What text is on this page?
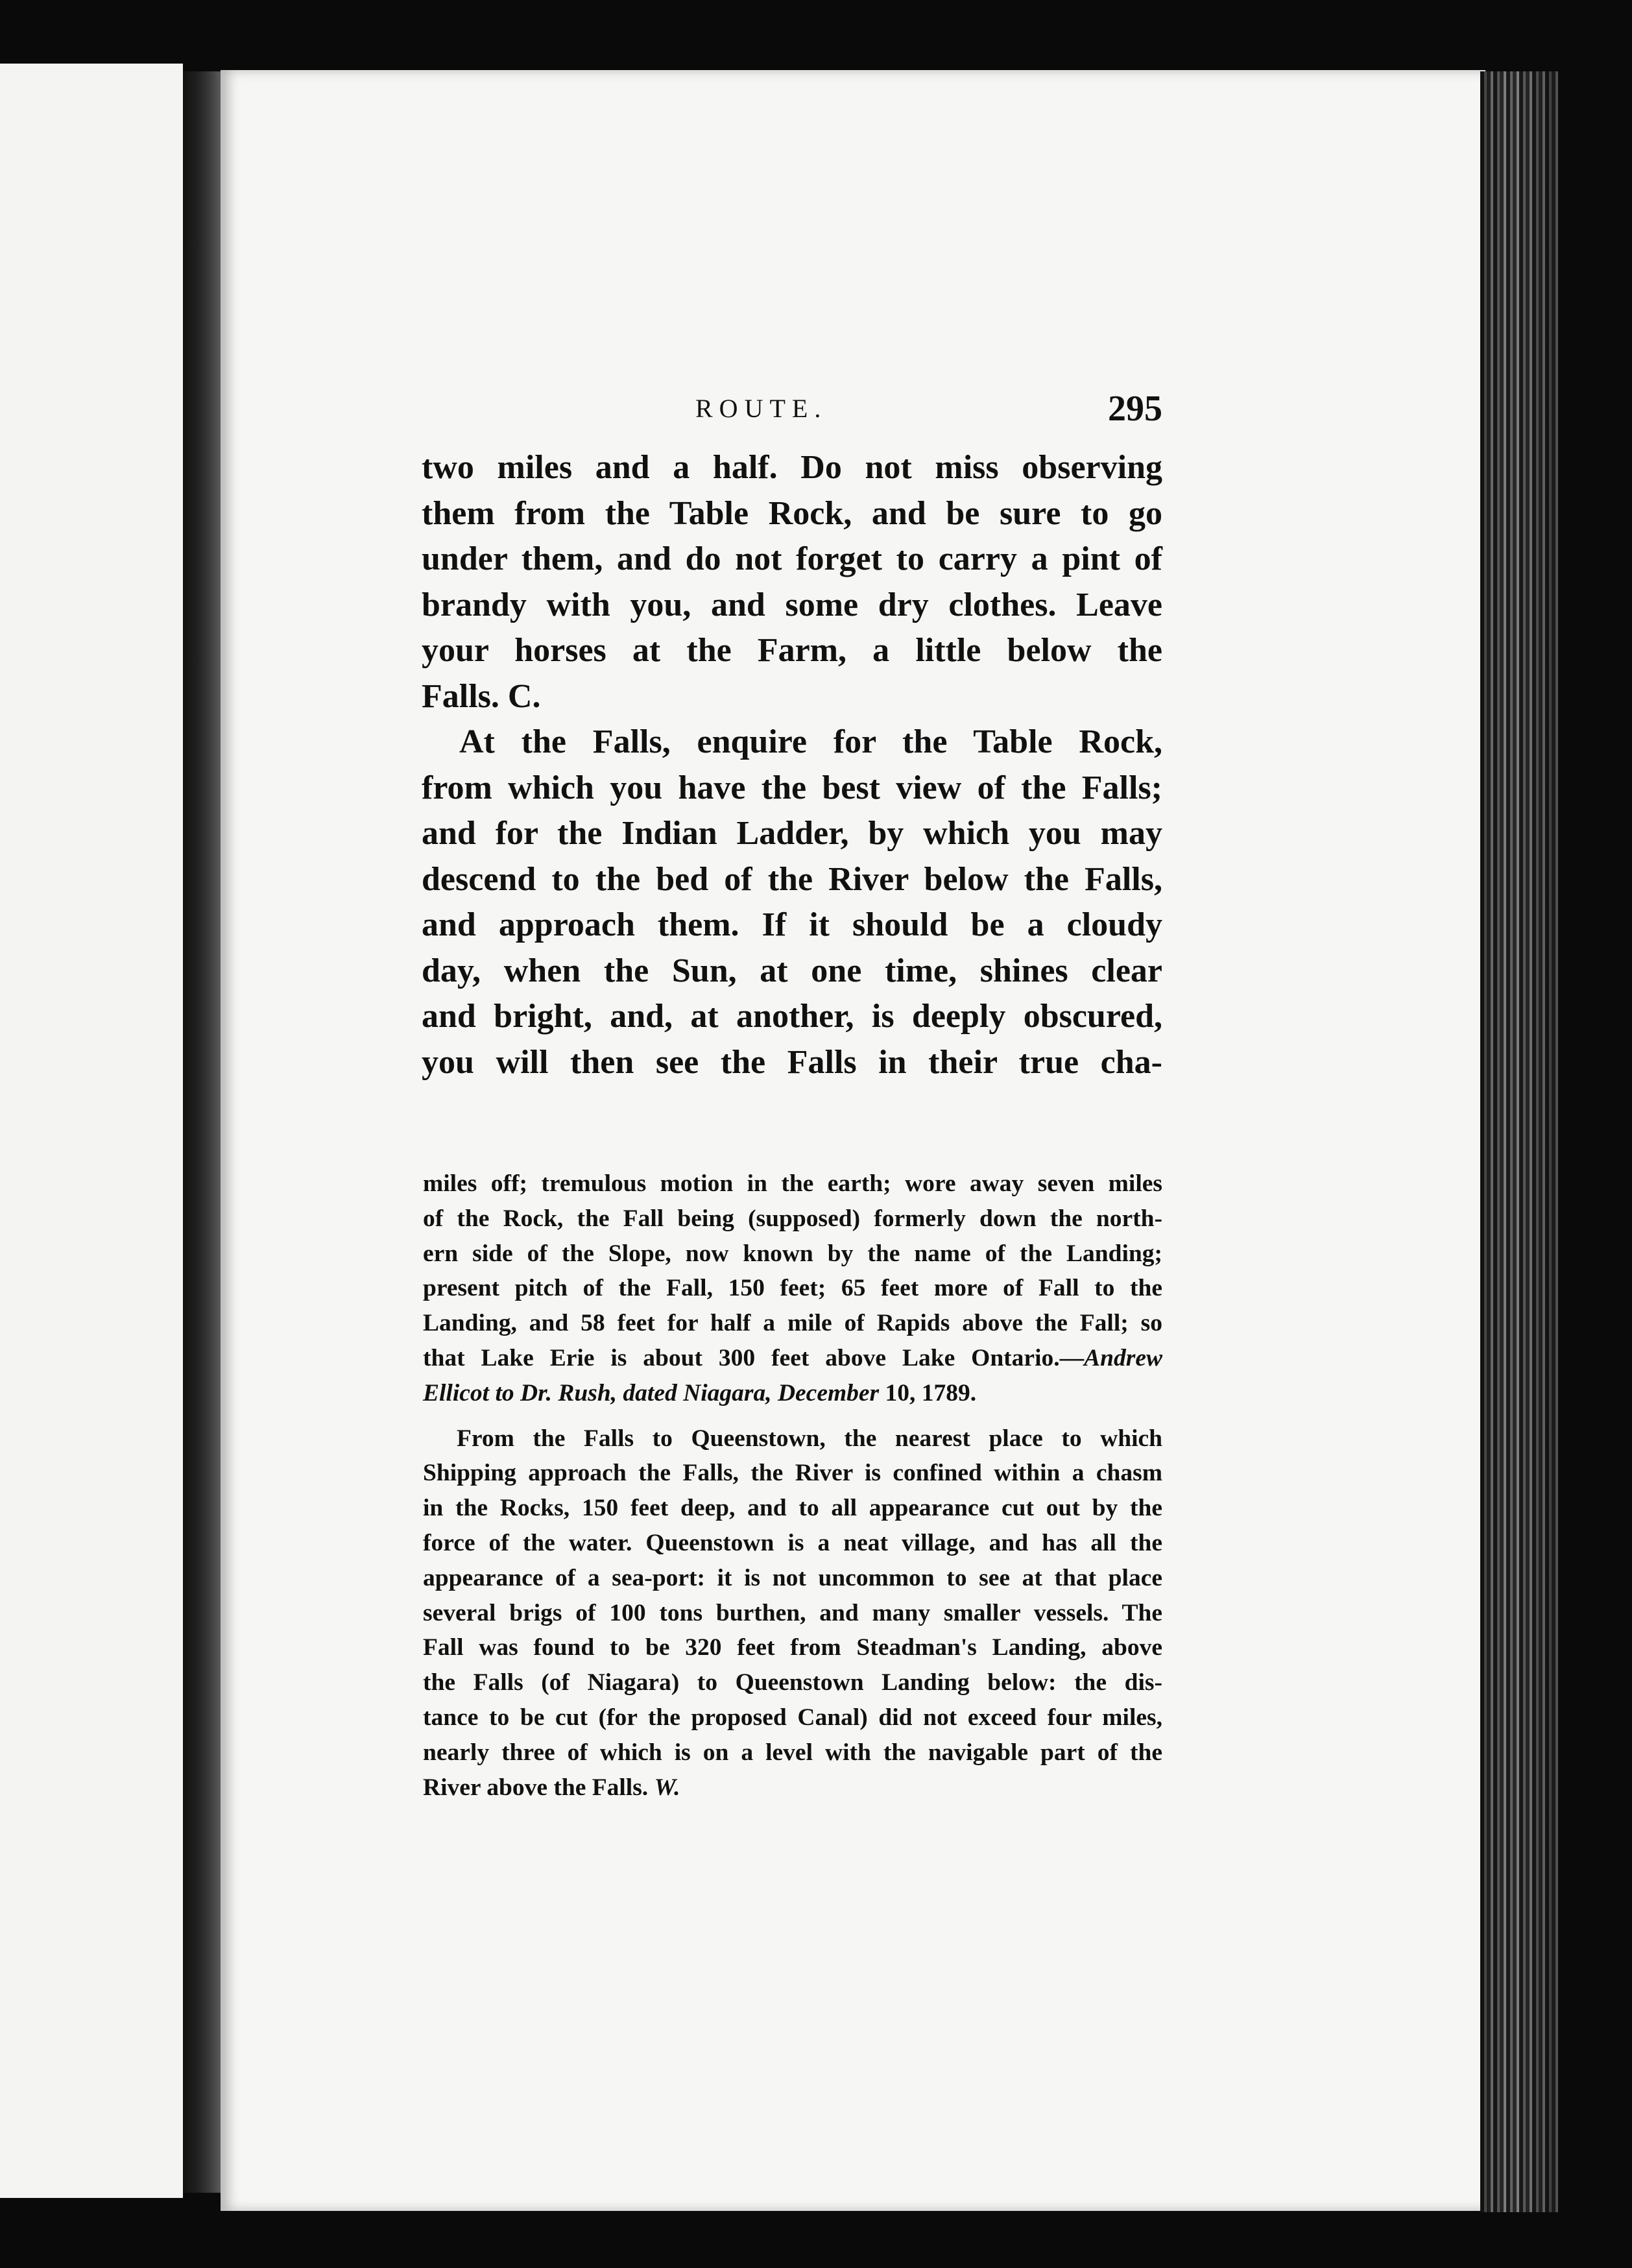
ROUTE.	295
two miles and a half. Do not miss observing
them from the Table Rock, and be sure to go
under them, and do not forget to carry a pint of
brandy with you, and some dry clothes. Leave
your horses at the Farm, a little below the
Falls. C.
At the Falls, enquire for the Table Rock,
from which you have the best view of the Falls;
and for the Indian Ladder, by which you may
descend to the bed of the River below the Falls,
and approach them. If it should be a cloudy
day, when the Sun, at one time, shines clear
and bright, and, at another, is deeply obscured,
you will then see the Falls in their true cha-
miles off; tremulous motion in the earth; wore away seven miles
of the Rock, the Fall being (supposed) formerly down the north-
ern side of the Slope, now known by the name of the Landing;
present pitch of the Fall, 150 feet; 65 feet more of Fall to the
Landing, and 58 feet for half a mile of Rapids above the Fall; so
that Lake Erie is about 300 feet above Lake Ontario.—Andrew
Ellicot to Dr. Rush, dated Niagara, December 10, 1789.
From the Falls to Queenstown, the nearest place to which
Shipping approach the Falls, the River is confined within a chasm
in the Rocks, 150 feet deep, and to all appearance cut out by the
force of the water. Queenstown is a neat village, and has all the
appearance of a sea-port: it is not uncommon to see at that place
several brigs of 100 tons burthen, and many smaller vessels. The
Fall was found to be 320 feet from Steadman's Landing, above
the Falls (of Niagara) to Queenstown Landing below: the dis-
tance to be cut (for the proposed Canal) did not exceed four miles,
nearly three of which is on a level with the navigable part of the
River above the Falls. W.
